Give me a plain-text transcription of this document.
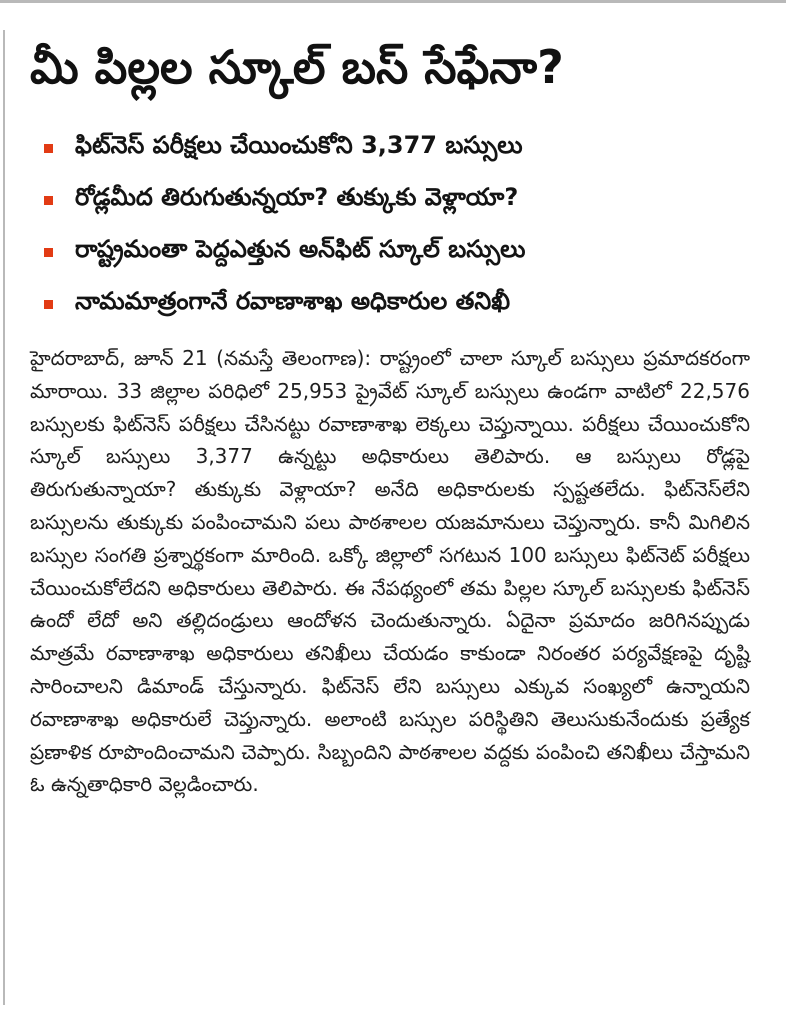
మీ పిల్లల స్కూల్ బస్ సేఫేనా?
ఫిట్‌నెస్ పరీక్షలు చేయించుకోని 3,377 బస్సులు
రోడ్లమీద తిరుగుతున్నయా? తుక్కుకు వెళ్లాయా?
రాష్ట్రమంతా పెద్దఎత్తున అన్‌ఫిట్ స్కూల్ బస్సులు
నామమాత్రంగానే రవాణాశాఖ అధికారుల తనిఖీ

హైదరాబాద్, జూన్ 21 (నమస్తే తెలంగాణ): రాష్ట్రంలో చాలా స్కూల్ బస్సులు ప్రమాదకరంగా మారాయి. 33 జిల్లాల పరిధిలో 25,953 ప్రైవేట్ స్కూల్ బస్సులు ఉండగా వాటిలో 22,576 బస్సులకు ఫిట్‌నెస్ పరీక్షలు చేసినట్టు రవాణాశాఖ లెక్కలు చెప్తున్నాయి. పరీక్షలు చేయించుకోని స్కూల్ బస్సులు 3,377 ఉన్నట్టు అధికారులు తెలిపారు. ఆ బస్సులు రోడ్లపై తిరుగుతున్నాయా? తుక్కుకు వెళ్లాయా? అనేది అధికారులకు స్పష్టతలేదు. ఫిట్‌నెస్‌లేని బస్సులను తుక్కుకు పంపించామని పలు పాఠశాలల యజమానులు చెప్తున్నారు. కానీ మిగిలిన బస్సుల సంగతి ప్రశ్నార్థకంగా మారింది. ఒక్కో జిల్లాలో సగటున 100 బస్సులు ఫిట్‌నెట్ పరీక్షలు చేయించుకోలేదని అధికారులు తెలిపారు. ఈ నేపథ్యంలో తమ పిల్లల స్కూల్ బస్సులకు ఫిట్‌నెస్ ఉందో లేదో అని తల్లిదండ్రులు ఆందోళన చెందుతున్నారు. ఏదైనా ప్రమాదం జరిగినప్పుడు మాత్రమే రవాణాశాఖ అధికారులు తనిఖీలు చేయడం కాకుండా నిరంతర పర్యవేక్షణపై దృష్టి సారించాలని డిమాండ్ చేస్తున్నారు. ఫిట్‌నెస్ లేని బస్సులు ఎక్కువ సంఖ్యలో ఉన్నాయని రవాణాశాఖ అధికారులే చెప్తున్నారు. అలాంటి బస్సుల పరిస్థితిని తెలుసుకునేందుకు ప్రత్యేక ప్రణాళిక రూపొందించామని చెప్పారు. సిబ్బందిని పాఠశాలల వద్దకు పంపించి తనిఖీలు చేస్తామని ఓ ఉన్నతాధికారి వెల్లడించారు.
